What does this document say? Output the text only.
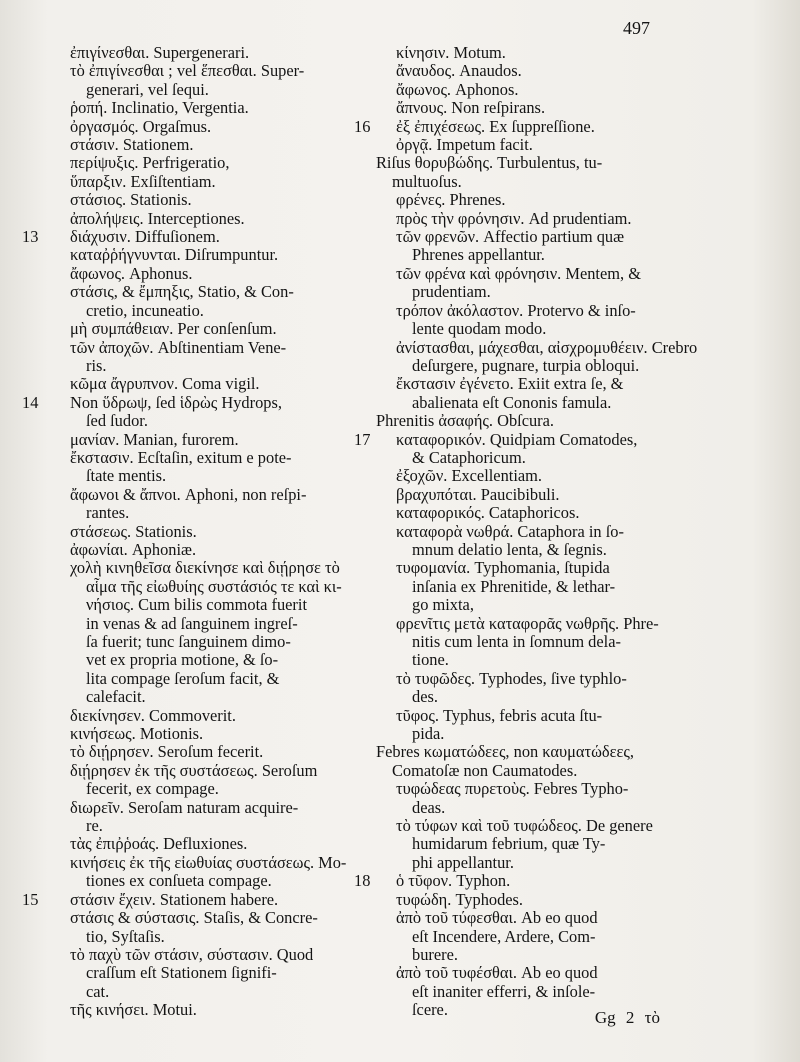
497
ἐπιγίνεσθαι. Supergenerari.
τὸ ἐπιγίνεσθαι ; vel ἕπεσθαι. Super-
generari, vel ſequi.
ῥοπή. Inclinatio, Vergentia.
ὀργασμός. Orgaſmus.
στάσιν. Stationem.
περίψυξις. Perfrigeratio,
ὕπαρξιν. Exſiſtentiam.
στάσιος. Stationis.
ἀπολήψεις. Interceptiones.
13	διάχυσιν. Diffuſionem.
καταῤῥήγνυνται. Diſrumpuntur.
ἄφωνος. Aphonus.
στάσις, & ἔμπηξις, Statio, & Con-
cretio, incuneatio.
μὴ συμπάθειαν. Per conſenſum.
τῶν ἀποχῶν. Abſtinentiam Vene-
ris.
κῶμα ἄγρυπνον. Coma vigil.
14	Non ὕδρωψ, ſed ἱδρὼς Hydrops,
ſed ſudor.
μανίαν. Manian, furorem.
ἔκστασιν. Ecſtaſin, exitum e pote-
ſtate mentis.
ἄφωνοι & ἄπνοι. Aphoni, non reſpi-
rantes.
στάσεως. Stationis.
ἀφωνίαι. Aphoniæ.
χολὴ κινηθεῖσα διεκίνησε καὶ διῄρησε τὸ
αἷμα τῆς εἰωθυίης συστάσιός τε καὶ κι-
νήσιος. Cum bilis commota fuerit
in venas & ad ſanguinem ingreſ-
ſa fuerit; tunc ſanguinem dimo-
vet ex propria motione, & ſo-
lita compage ſeroſum facit, &
calefacit.
διεκίνησεν. Commoverit.
κινήσεως. Motionis.
τὸ διῄρησεν. Seroſum fecerit.
διῄρησεν ἐκ τῆς συστάσεως. Seroſum
fecerit, ex compage.
διωρεῖν. Seroſam naturam acquire-
re.
τὰς ἐπιῤῥοάς. Defluxiones.
κινήσεις ἐκ τῆς εἰωθυίας συστάσεως. Mo-
tiones ex conſueta compage.
15	στάσιν ἔχειν. Stationem habere.
στάσις & σύστασις. Staſis, & Concre-
tio, Syſtaſis.
τὸ παχὺ τῶν στάσιν, σύστασιν. Quod
craſſum eſt Stationem ſignifi-
cat.
τῆς κινήσει. Motui.
κίνησιν. Motum.
ἄναυδος. Anaudos.
ἄφωνος. Aphonos.
ἄπνους. Non reſpirans.
16	ἐξ ἐπιχέσεως. Ex ſuppreſſione.
ὀργᾷ. Impetum facit.
Riſus θορυβώδης. Turbulentus, tu-
multuoſus.
φρένες. Phrenes.
πρὸς τὴν φρόνησιν. Ad prudentiam.
τῶν φρενῶν. Affectio partium quæ
Phrenes appellantur.
τῶν φρένα καὶ φρόνησιν. Mentem, &
prudentiam.
τρόπον ἀκόλαστον. Protervo & inſo-
lente quodam modo.
ἀνίστασθαι, μάχεσθαι, αἰσχρομυθέειν. Crebro
deſurgere, pugnare, turpia obloqui.
ἔκστασιν ἐγένετο. Exiit extra ſe, &
abalienata eſt Cononis famula.
Phrenitis ἀσαφής. Obſcura.
17	καταφορικόν. Quidpiam Comatodes,
& Cataphoricum.
ἐξοχῶν. Excellentiam.
βραχυπόται. Paucibibuli.
καταφορικός. Cataphoricos.
καταφορὰ νωθρά. Cataphora in ſo-
mnum delatio lenta, & ſegnis.
τυφομανία. Typhomania, ſtupida
inſania ex Phrenitide, & lethar-
go mixta,
φρενῖτις μετὰ καταφορᾶς νωθρῆς. Phre-
nitis cum lenta in ſomnum dela-
tione.
τὸ τυφῶδες. Typhodes, ſive typhlo-
des.
τῦφος. Typhus, febris acuta ſtu-
pida.
Febres κωματώδεες, non καυματώδεες,
Comatoſæ non Caumatodes.
τυφώδεας πυρετοὺς. Febres Typho-
deas.
τὸ τύφων καὶ τοῦ τυφώδεος. De genere
humidarum febrium, quæ Ty-
phi appellantur.
18	ὁ τῦφον. Typhon.
τυφώδη. Typhodes.
ἀπὸ τοῦ τύφεσθαι. Ab eo quod
eſt Incendere, Ardere, Com-
burere.
ἀπὸ τοῦ τυφέσθαι. Ab eo quod
eſt inaniter efferri, & inſole-
ſcere.	Gg 2 τὸ
